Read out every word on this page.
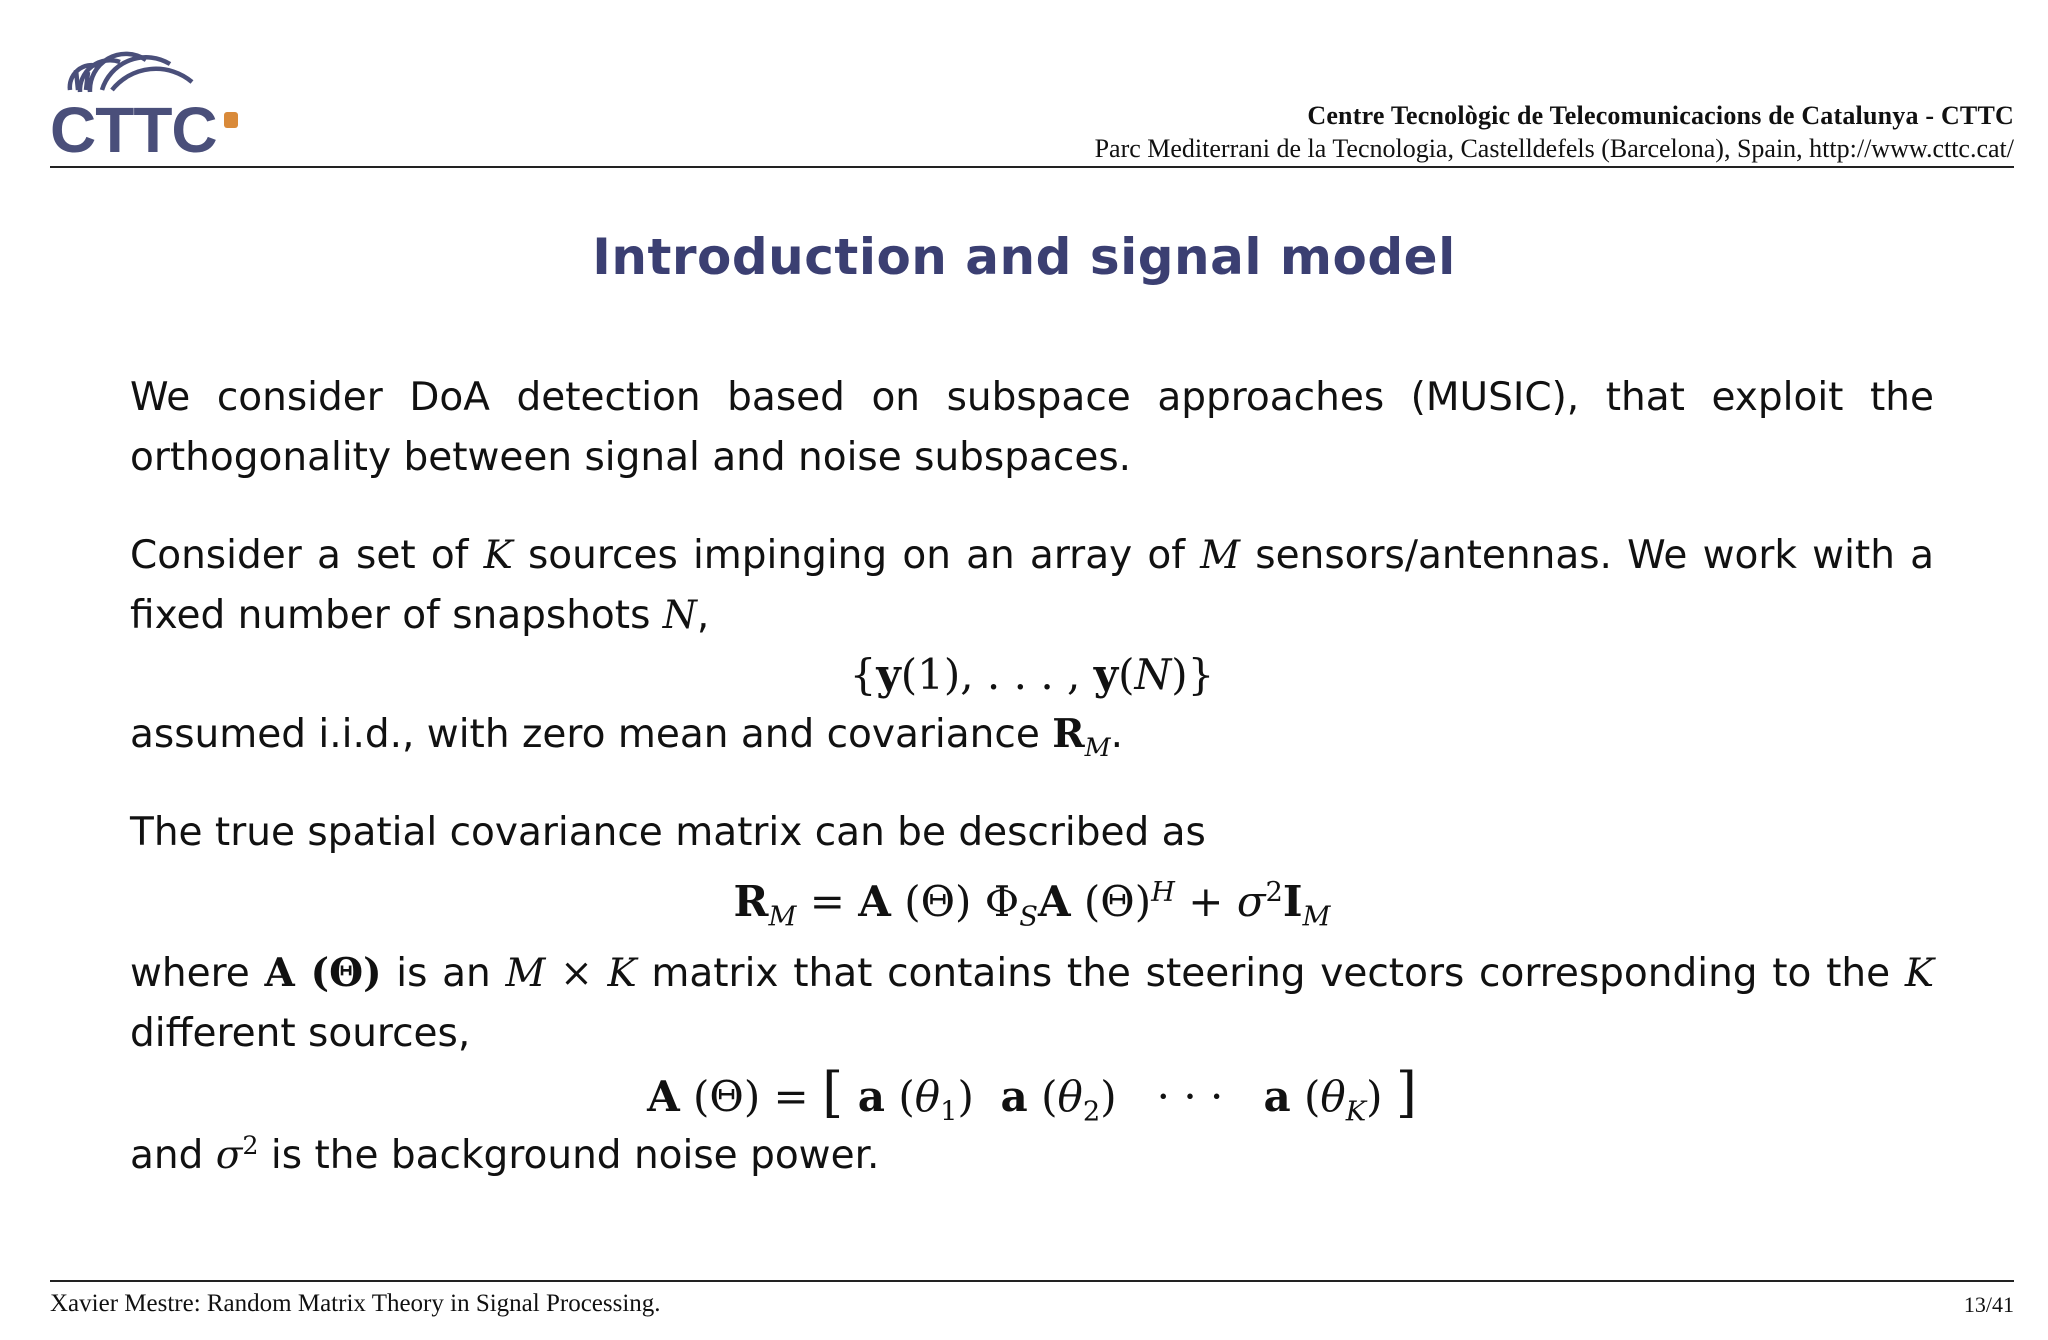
CTTC	Centre Tecnològic de Telecomunicacions de Catalunya - CTTC
Parc Mediterrani de la Tecnologia, Castelldefels (Barcelona), Spain, http://www.cttc.cat/
Introduction and signal model

We consider DoA detection based on subspace approaches (MUSIC), that exploit the orthogonality between signal and noise subspaces.

Consider a set of K sources impinging on an array of M sensors/antennas. We work with a fixed number of snapshots N,

{y(1), . . . , y(N)}

assumed i.i.d., with zero mean and covariance $R_M$.

The true spatial covariance matrix can be described as

$R_M = A$ (Θ) $\Phi_SA$ $(\Theta)^H + \sigma^2I_M$

where A (Θ) is an M × K matrix that contains the steering vectors corresponding to the K different sources,

A (Θ) = [ a $(\theta_1)$  a $(\theta_2)$   · · ·   a $(\theta_K)$ ]

and $\sigma^2$ is the background noise power.

Xavier Mestre: Random Matrix Theory in Signal Processing.	13/41
